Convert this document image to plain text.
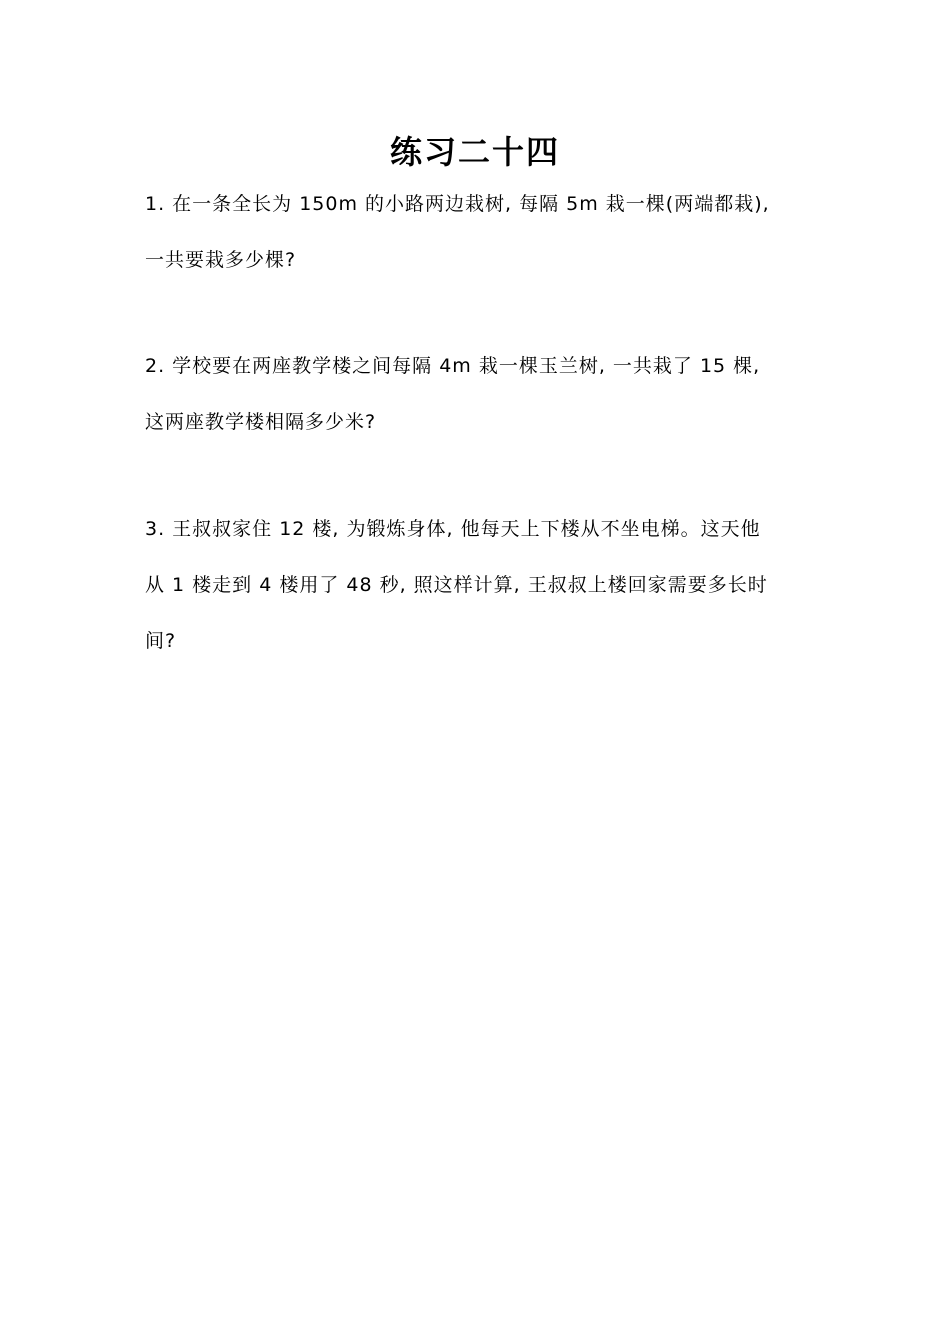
练习二十四
1. 在一条全长为 150m 的小路两边栽树, 每隔 5m 栽一棵(两端都栽),
一共要栽多少棵?
2. 学校要在两座教学楼之间每隔 4m 栽一棵玉兰树, 一共栽了 15 棵,
这两座教学楼相隔多少米?
3. 王叔叔家住 12 楼, 为锻炼身体, 他每天上下楼从不坐电梯。这天他
从 1 楼走到 4 楼用了 48 秒, 照这样计算, 王叔叔上楼回家需要多长时
间?
